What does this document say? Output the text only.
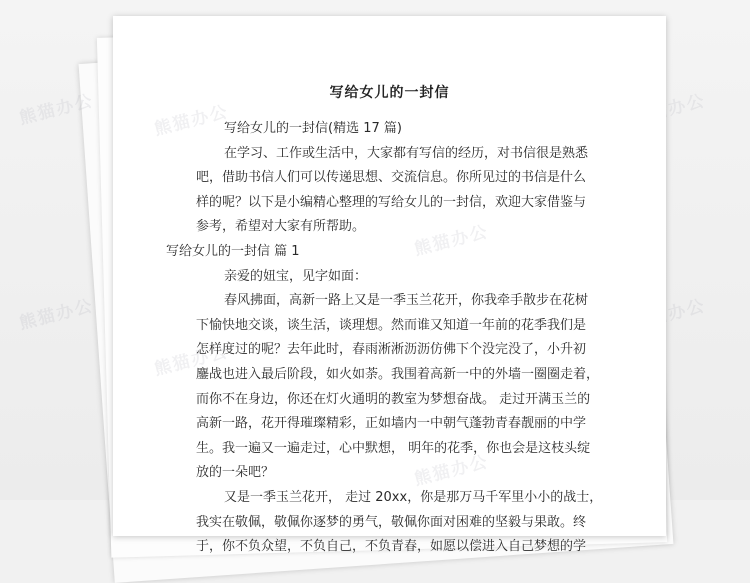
熊猫办公
熊猫办公
熊猫办公
熊猫办公
熊猫办公
熊猫办公
熊猫办公
熊猫办公
写给女儿的一封信
写给女儿的一封信(精选 17 篇)
在学习、工作或生活中，大家都有写信的经历，对书信很是熟悉
吧，借助书信人们可以传递思想、交流信息。你所见过的书信是什么
样的呢？以下是小编精心整理的写给女儿的一封信，欢迎大家借鉴与
参考，希望对大家有所帮助。
写给女儿的一封信 篇 1
亲爱的妞宝，见字如面：
春风拂面，高新一路上又是一季玉兰花开，你我牵手散步在花树
下愉快地交谈，谈生活，谈理想。然而谁又知道一年前的花季我们是
怎样度过的呢？去年此时，春雨淅淅沥沥仿佛下个没完没了，小升初
鏖战也进入最后阶段，如火如荼。我围着高新一中的外墙一圈圈走着，
而你不在身边，你还在灯火通明的教室为梦想奋战。 走过开满玉兰的
高新一路，花开得璀璨精彩，正如墙内一中朝气蓬勃青春靓丽的中学
生。我一遍又一遍走过，心中默想， 明年的花季，你也会是这枝头绽
放的一朵吧？
又是一季玉兰花开， 走过 20xx，你是那万马千军里小小的战士，
我实在敬佩，敬佩你逐梦的勇气，敬佩你面对困难的坚毅与果敢。终
于，你不负众望，不负自己，不负青春，如愿以偿进入自己梦想的学
